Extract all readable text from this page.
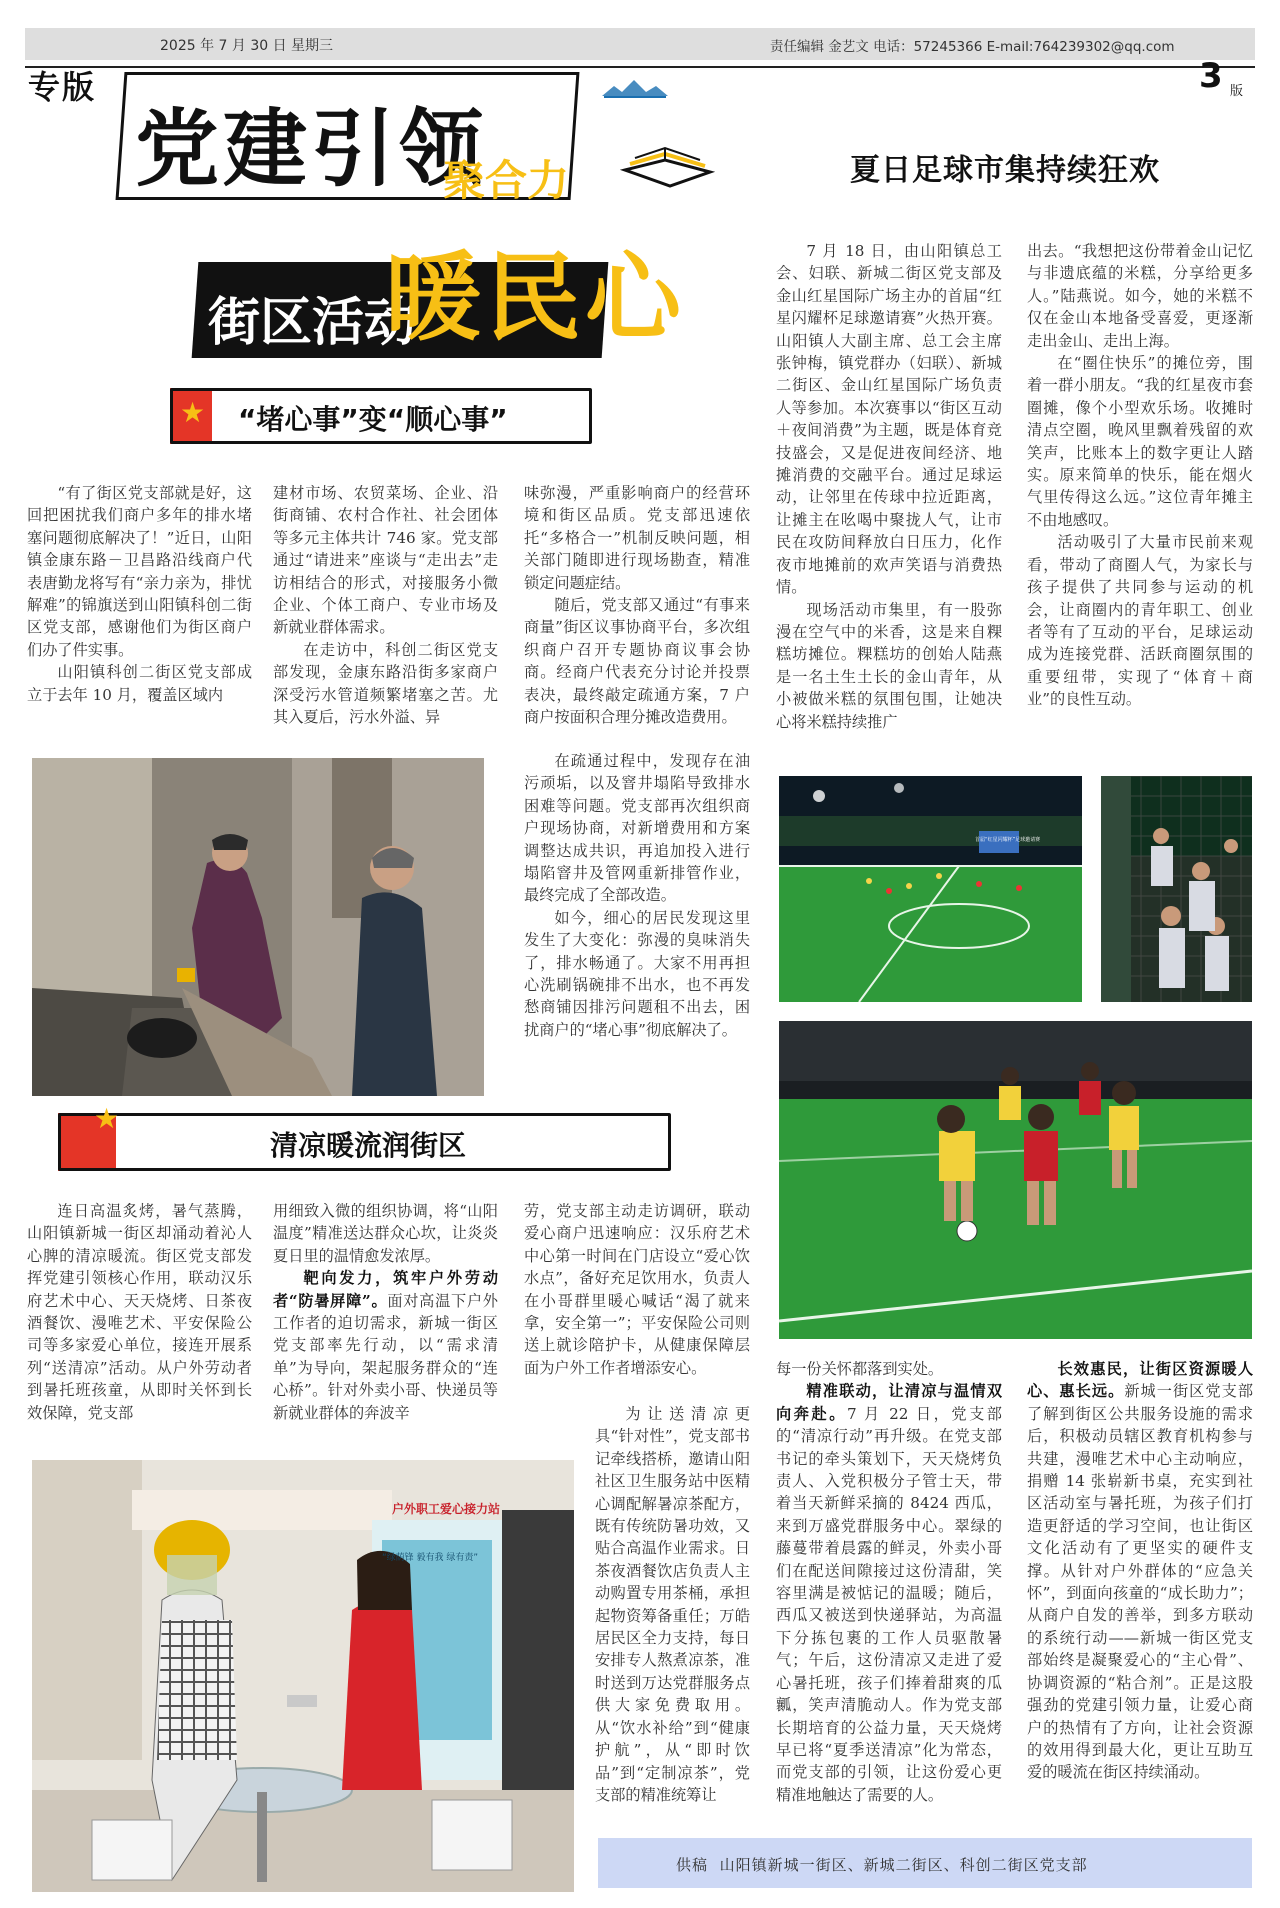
2025 年 7 月 30 日 星期三	责任编辑 金艺文 电话：57245366 E-mail:764239302@qq.com
专版	3 版
党建引领
聚合力
街区活动
暖民心
★ “堵心事”变“顺心事”

“有了街区党支部就是好，这回把困扰我们商户多年的排水堵塞问题彻底解决了！”近日，山阳镇金康东路－卫昌路沿线商户代表唐勤龙将写有“亲力亲为，排忧解难”的锦旗送到山阳镇科创二街区党支部，感谢他们为街区商户们办了件实事。

山阳镇科创二街区党支部成立于去年 10 月，覆盖区域内

建材市场、农贸菜场、企业、沿街商铺、农村合作社、社会团体等多元主体共计 746 家。党支部通过“请进来”座谈与“走出去”走访相结合的形式，对接服务小微企业、个体工商户、专业市场及新就业群体需求。

在走访中，科创二街区党支部发现，金康东路沿街多家商户深受污水管道频繁堵塞之苦。尤其入夏后，污水外溢、异

味弥漫，严重影响商户的经营环境和街区品质。党支部迅速依托“多格合一”机制反映问题，相关部门随即进行现场勘查，精准锁定问题症结。

随后，党支部又通过“有事来商量”街区议事协商平台，多次组织商户召开专题协商议事会协商。经商户代表充分讨论并投票表决，最终敲定疏通方案，7 户商户按面积合理分摊改造费用。

在疏通过程中，发现存在油污顽垢，以及窨井塌陷导致排水困难等问题。党支部再次组织商户现场协商，对新增费用和方案调整达成共识，再追加投入进行塌陷窨井及管网重新排管作业，最终完成了全部改造。

如今，细心的居民发现这里发生了大变化：弥漫的臭味消失了，排水畅通了。大家不用再担心洗刷锅碗排不出水，也不再发愁商铺因排污问题租不出去，困扰商户的“堵心事”彻底解决了。

★
清凉暖流润街区

连日高温炙烤，暑气蒸腾，山阳镇新城一街区却涌动着沁人心脾的清凉暖流。街区党支部发挥党建引领核心作用，联动汉乐府艺术中心、天天烧烤、日茶夜酒餐饮、漫唯艺术、平安保险公司等多家爱心单位，接连开展系列“送清凉”活动。从户外劳动者到暑托班孩童，从即时关怀到长效保障，党支部

用细致入微的组织协调，将“山阳温度”精准送达群众心坎，让炎炎夏日里的温情愈发浓厚。

靶向发力，筑牢户外劳动者“防暑屏障”。面对高温下户外工作者的迫切需求，新城一街区党支部率先行动，以“需求清单”为导向，架起服务群众的“连心桥”。针对外卖小哥、快递员等新就业群体的奔波辛

劳，党支部主动走访调研，联动爱心商户迅速响应：汉乐府艺术中心第一时间在门店设立“爱心饮水点”，备好充足饮用水，负责人在小哥群里暖心喊话“渴了就来拿，安全第一”；平安保险公司则送上就诊陪护卡，从健康保障层面为户外工作者增添安心。

为让送清凉更具“针对性”，党支部书记牵线搭桥，邀请山阳社区卫生服务站中医精心调配解暑凉茶配方，既有传统防暑功效，又贴合高温作业需求。日茶夜酒餐饮店负责人主动购置专用茶桶，承担起物资筹备重任；万皓居民区全力支持，每日安排专人熬煮凉茶，准时送到万达党群服务点供大家免费取用。从“饮水补给”到“健康护航”，从“即时饮品”到“定制凉茶”，党支部的精准统筹让

每一份关怀都落到实处。

精准联动，让清凉与温情双向奔赴。7 月 22 日，党支部的“清凉行动”再升级。在党支部书记的牵头策划下，天天烧烤负责人、入党积极分子管士天，带着当天新鲜采摘的 8424 西瓜，来到万盛党群服务中心。翠绿的藤蔓带着晨露的鲜灵，外卖小哥们在配送间隙接过这份清甜，笑容里满是被惦记的温暖；随后，西瓜又被送到快递驿站，为高温下分拣包裹的工作人员驱散暑气；午后，这份清凉又走进了爱心暑托班，孩子们捧着甜爽的瓜瓤，笑声清脆动人。作为党支部长期培育的公益力量，天天烧烤早已将“夏季送清凉”化为常态，而党支部的引领，让这份爱心更精准地触达了需要的人。

长效惠民，让街区资源暖人心、惠长远。新城一街区党支部了解到街区公共服务设施的需求后，积极动员辖区教育机构参与共建，漫唯艺术中心主动响应，捐赠 14 张崭新书桌，充实到社区活动室与暑托班，为孩子们打造更舒适的学习空间，也让街区文化活动有了更坚实的硬件支撑。从针对户外群体的“应急关怀”，到面向孩童的“成长助力”；从商户自发的善举，到多方联动的系统行动——新城一街区党支部始终是凝聚爱心的“主心骨”、协调资源的“粘合剂”。正是这股强劲的党建引领力量，让爱心商户的热情有了方向，让社会资源的效用得到最大化，更让互助互爱的暖流在街区持续涌动。

户外职工爱心接力站
“绿荫锋 毅有我 绿有责”
夏日足球市集持续狂欢

7 月 18 日，由山阳镇总工会、妇联、新城二街区党支部及金山红星国际广场主办的首届“红星闪耀杯足球邀请赛”火热开赛。山阳镇人大副主席、总工会主席张钟梅，镇党群办（妇联）、新城二街区、金山红星国际广场负责人等参加。本次赛事以“街区互动＋夜间消费”为主题，既是体育竞技盛会，又是促进夜间经济、地摊消费的交融平台。通过足球运动，让邻里在传球中拉近距离，让摊主在吆喝中聚拢人气，让市民在攻防间释放白日压力，化作夜市地摊前的欢声笑语与消费热情。

现场活动市集里，有一股弥漫在空气中的米香，这是来自粿糕坊摊位。粿糕坊的创始人陆燕是一名土生土长的金山青年，从小被做米糕的氛围包围，让她决心将米糕持续推广

出去。“我想把这份带着金山记忆与非遗底蕴的米糕，分享给更多人。”陆燕说。如今，她的米糕不仅在金山本地备受喜爱，更逐渐走出金山、走出上海。

在“圈住快乐”的摊位旁，围着一群小朋友。“我的红星夜市套圈摊，像个小型欢乐场。收摊时清点空圈，晚风里飘着残留的欢笑声，比账本上的数字更让人踏实。原来简单的快乐，能在烟火气里传得这么远。”这位青年摊主不由地感叹。

活动吸引了大量市民前来观看，带动了商圈人气，为家长与孩子提供了共同参与运动的机会，让商圈内的青年职工、创业者等有了互动的平台，足球运动成为连接党群、活跃商圈氛围的重要纽带，实现了“体育＋商业”的良性互动。

首届“红星闪耀杯”足球邀请赛
供稿 山阳镇新城一街区、新城二街区、科创二街区党支部
